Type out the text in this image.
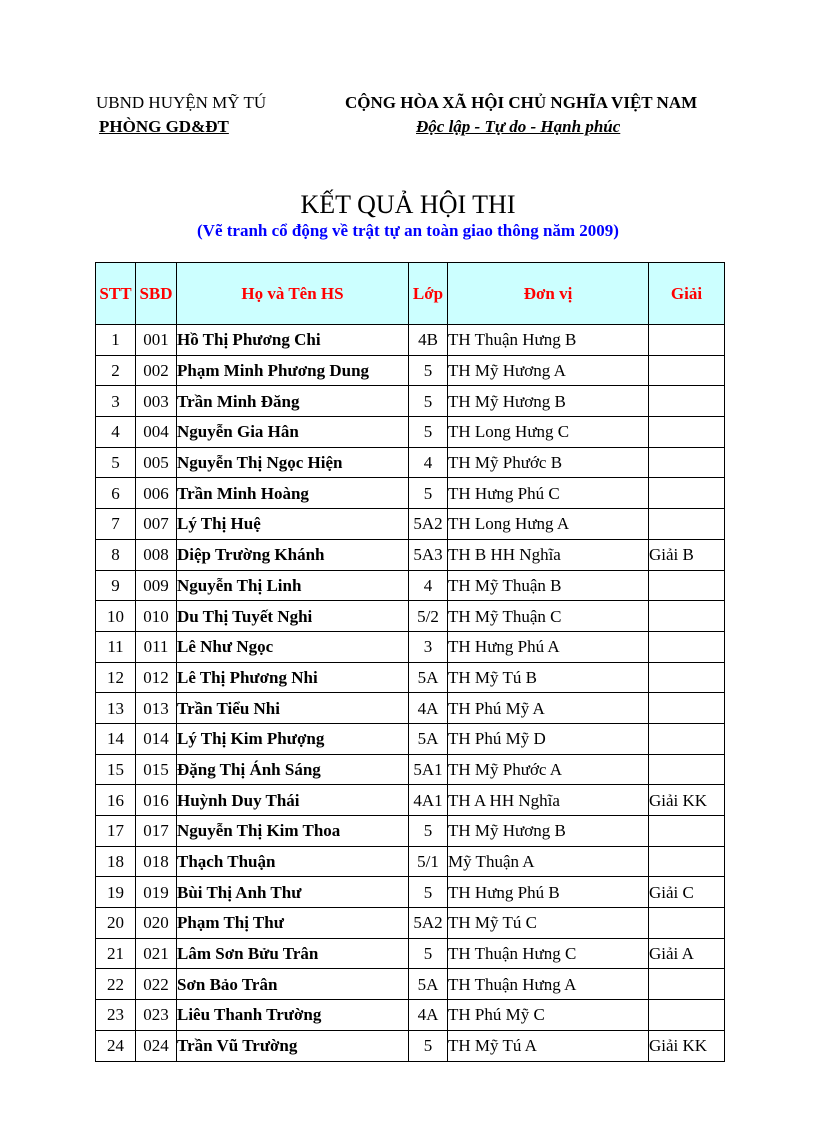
UBND HUYỆN MỸ TÚ
PHÒNG GD&ĐT
CỘNG HÒA XÃ HỘI CHỦ NGHĨA VIỆT NAM
Độc lập - Tự do - Hạnh phúc
KẾT QUẢ HỘI THI
(Vẽ tranh cổ động về trật tự an toàn giao thông năm 2009)
STT	SBD	Họ và Tên HS	Lớp	Đơn vị	Giải
1	001	Hồ Thị Phương Chi	4B	TH Thuận Hưng B	
2	002	Phạm Minh Phương Dung	5	TH Mỹ Hương A	
3	003	Trần Minh Đăng	5	TH Mỹ Hương B	
4	004	Nguyễn Gia Hân	5	TH Long Hưng C	
5	005	Nguyễn Thị Ngọc Hiện	4	TH Mỹ Phước B	
6	006	Trần Minh Hoàng	5	TH Hưng Phú C	
7	007	Lý Thị Huệ	5A2	TH Long Hưng A	
8	008	Diệp Trường Khánh	5A3	TH B HH Nghĩa	Giải B
9	009	Nguyễn Thị Linh	4	TH Mỹ Thuận B	
10	010	Du Thị Tuyết Nghi	5/2	TH Mỹ Thuận C	
11	011	Lê Như Ngọc	3	TH Hưng Phú A	
12	012	Lê Thị Phương Nhi	5A	TH Mỹ Tú B	
13	013	Trần Tiểu Nhi	4A	TH Phú Mỹ A	
14	014	Lý Thị Kim Phượng	5A	TH Phú Mỹ D	
15	015	Đặng Thị Ánh Sáng	5A1	TH Mỹ Phước A	
16	016	Huỳnh Duy Thái	4A1	TH A HH Nghĩa	Giải KK
17	017	Nguyễn Thị Kim Thoa	5	TH Mỹ Hương B	
18	018	Thạch Thuận	5/1	Mỹ Thuận A	
19	019	Bùi Thị Anh Thư	5	TH Hưng Phú B	Giải C
20	020	Phạm Thị Thư	5A2	TH Mỹ Tú C	
21	021	Lâm Sơn Bửu Trân	5	TH Thuận Hưng C	Giải A
22	022	Sơn Bảo Trân	5A	TH Thuận Hưng A	
23	023	Liêu Thanh Trường	4A	TH Phú Mỹ C	
24	024	Trần Vũ Trường	5	TH Mỹ Tú A	Giải KK
